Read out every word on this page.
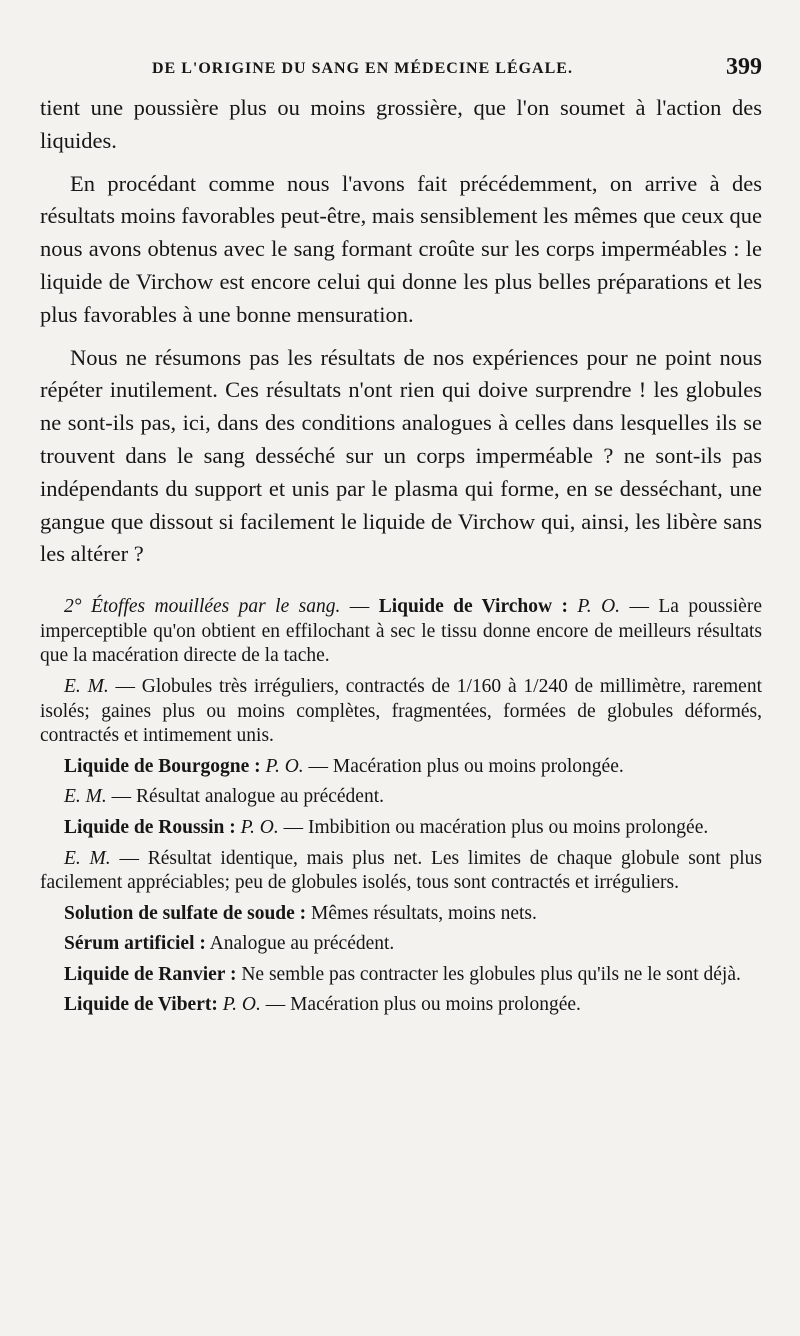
DE L'ORIGINE DU SANG EN MÉDECINE LÉGALE.	399

tient une poussière plus ou moins grossière, que l'on soumet à l'action des liquides.

En procédant comme nous l'avons fait précédemment, on arrive à des résultats moins favorables peut-être, mais sensiblement les mêmes que ceux que nous avons obtenus avec le sang formant croûte sur les corps imperméables : le liquide de Virchow est encore celui qui donne les plus belles préparations et les plus favorables à une bonne mensuration.

Nous ne résumons pas les résultats de nos expériences pour ne point nous répéter inutilement. Ces résultats n'ont rien qui doive surprendre ! les globules ne sont-ils pas, ici, dans des conditions analogues à celles dans lesquelles ils se trouvent dans le sang desséché sur un corps imperméable ? ne sont-ils pas indépendants du support et unis par le plasma qui forme, en se desséchant, une gangue que dissout si facilement le liquide de Virchow qui, ainsi, les libère sans les altérer ?

2° Étoffes mouillées par le sang. — Liquide de Virchow : P. O. — La poussière imperceptible qu'on obtient en effilochant à sec le tissu donne encore de meilleurs résultats que la macération directe de la tache.

E. M. — Globules très irréguliers, contractés de 1/160 à 1/240 de millimètre, rarement isolés; gaines plus ou moins complètes, fragmentées, formées de globules déformés, contractés et intimement unis.

Liquide de Bourgogne : P. O. — Macération plus ou moins prolongée.

E. M. — Résultat analogue au précédent.

Liquide de Roussin : P. O. — Imbibition ou macération plus ou moins prolongée.

E. M. — Résultat identique, mais plus net. Les limites de chaque globule sont plus facilement appréciables; peu de globules isolés, tous sont contractés et irréguliers.

Solution de sulfate de soude : Mêmes résultats, moins nets.

Sérum artificiel : Analogue au précédent.

Liquide de Ranvier : Ne semble pas contracter les globules plus qu'ils ne le sont déjà.

Liquide de Vibert: P. O. — Macération plus ou moins prolongée.
